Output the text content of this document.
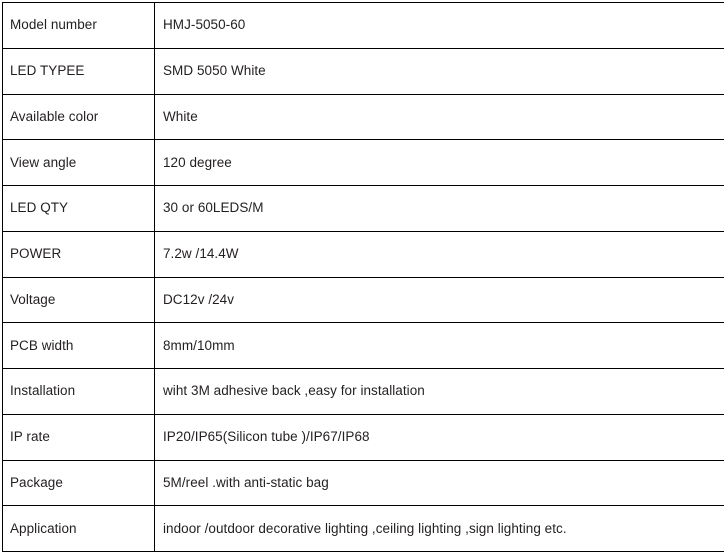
Model number	HMJ-5050-60
LED TYPEE	SMD 5050 White
Available color	White
View angle	120 degree
LED QTY	30 or 60LEDS/M
POWER	7.2w /14.4W
Voltage	DC12v /24v
PCB width	8mm/10mm
Installation	wiht 3M adhesive back ,easy for installation
IP rate	IP20/IP65(Silicon tube )/IP67/IP68
Package	5M/reel .with anti-static bag
Application	indoor /outdoor decorative lighting ,ceiling lighting ,sign lighting etc.
